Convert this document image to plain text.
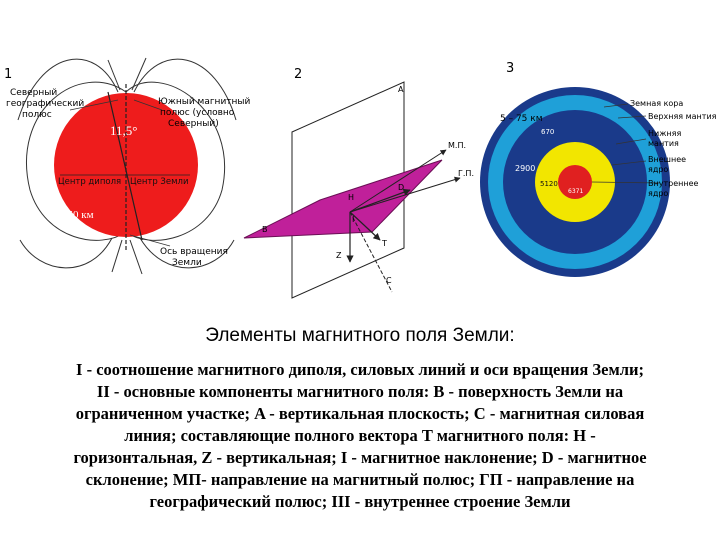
1
Северный географический полюс
Южный магнитный полюс (условно Северный)
11,5°
Центр диполя Центр Земли
450 км
Ось вращения Земли
2
A
М.П.
Г.П.
D
H
I
B
T
Z
C
3
5 – 75 км
670
2900
5120
6371
Земная кора
Верхняя мантия
Нижняя мантия
Внешнее ядро
Внутреннее ядро
Элементы магнитного поля Земли:
I - соотношение магнитного диполя, силовых линий и оси вращения Земли;
II - основные компоненты магнитного поля: B - поверхность Земли на
ограниченном участке; A - вертикальная плоскость; C - магнитная силовая
линия; составляющие полного вектора T магнитного поля: H -
горизонтальная, Z - вертикальная; I - магнитное наклонение; D - магнитное
склонение; МП- направление на магнитный полюс; ГП - направление на
географический полюс; III - внутреннее строение Земли
